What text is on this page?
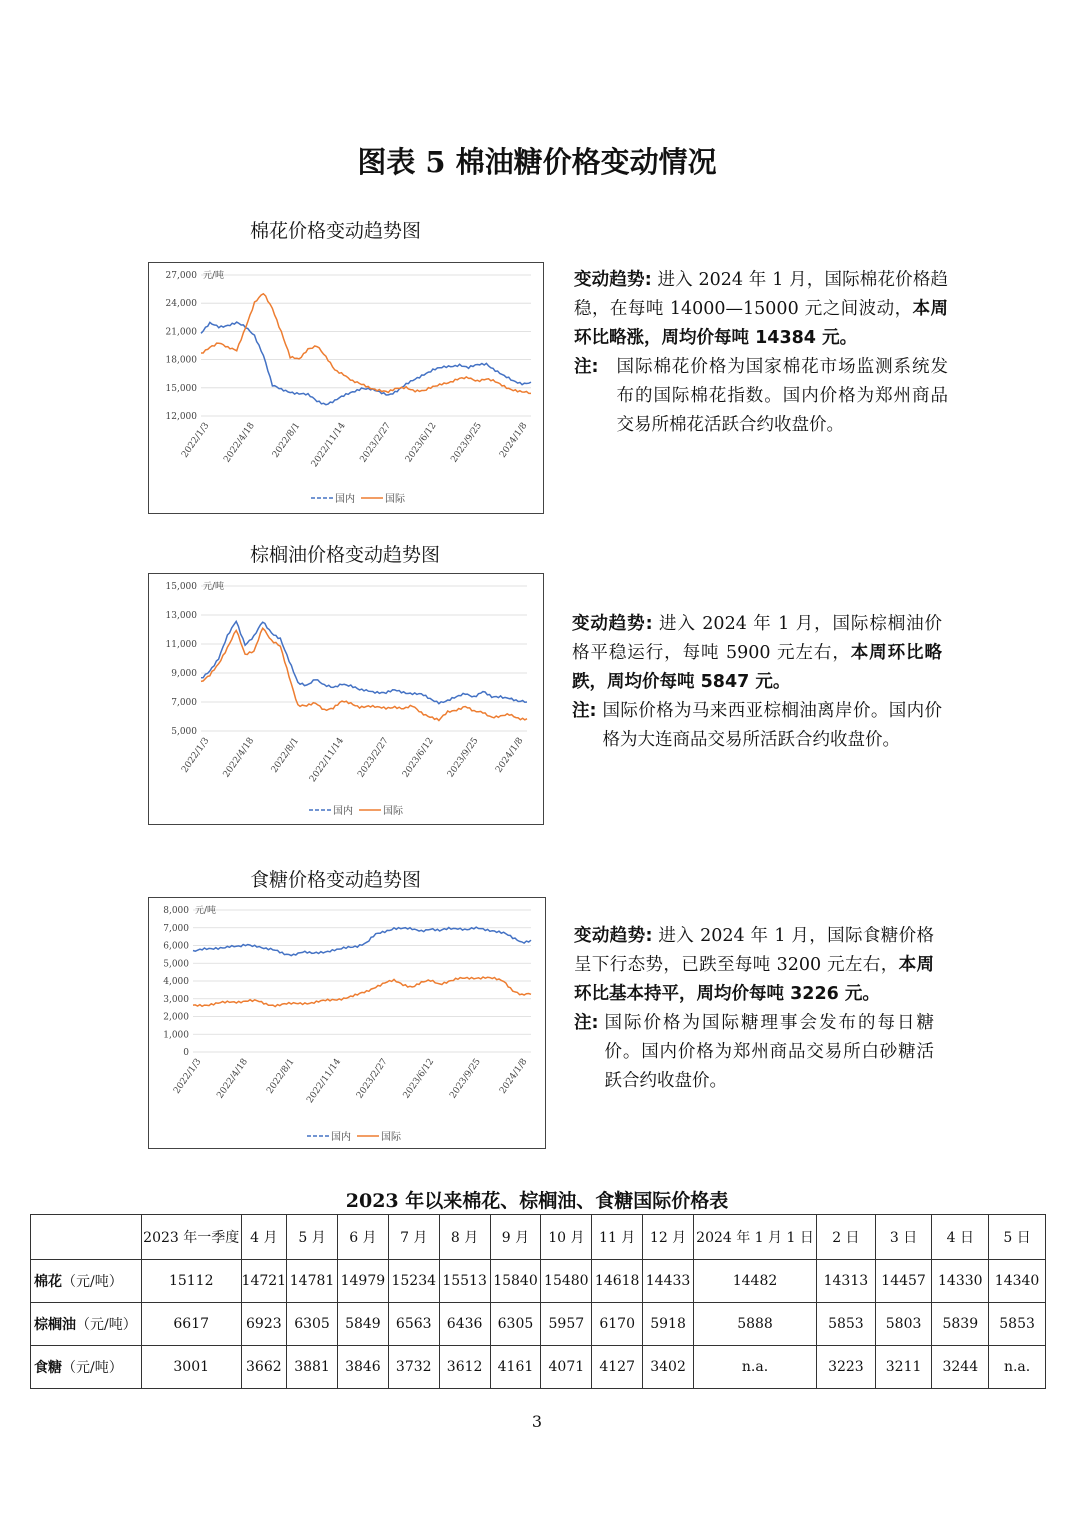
图表 5 棉油糖价格变动情况
棉花价格变动趋势图
27,000
24,000
21,000
18,000
15,000
12,000
元/吨
2022/1/3 2022/4/18 2022/8/1 2022/11/14 2023/2/27 2023/6/12 2023/9/25 2024/1/8
国内	国际
变动趋势: 进入 2024 年 1 月，国际棉花价格趋稳，在每吨 14000—15000 元之间波动，本周环比略涨，周均价每吨 14384 元。
注:	国际棉花价格为国家棉花市场监测系统发布的国际棉花指数。国内价格为郑州商品交易所棉花活跃合约收盘价。
棕榈油价格变动趋势图
15,000
13,000
11,000
9,000
7,000
5,000
元/吨
2022/1/3 2022/4/18 2022/8/1 2022/11/14 2023/2/27 2023/6/12 2023/9/25 2024/1/8
国内	国际
变动趋势: 进入 2024 年 1 月，国际棕榈油价格平稳运行，每吨 5900 元左右，本周环比略跌，周均价每吨 5847 元。
注: 国际价格为马来西亚棕榈油离岸价。国内价格为大连商品交易所活跃合约收盘价。
食糖价格变动趋势图
8,000
7,000
6,000
5,000
4,000
3,000
2,000
1,000
0
元/吨
2022/1/3 2022/4/18 2022/8/1 2022/11/14 2023/2/27 2023/6/12 2023/9/25 2024/1/8
国内	国际
变动趋势: 进入 2024 年 1 月，国际食糖价格呈下行态势，已跌至每吨 3200 元左右，本周环比基本持平，周均价每吨 3226 元。
注: 国际价格为国际糖理事会发布的每日糖价。国内价格为郑州商品交易所白砂糖活跃合约收盘价。
2023 年以来棉花、棕榈油、食糖国际价格表
	2023 年一季度	4 月	5 月	6 月	7 月	8 月	9 月	10 月	11 月	12 月	2024 年 1 月 1 日	2 日	3 日	4 日	5 日
棉花（元/吨）	15112	14721	14781	14979	15234	15513	15840	15480	14618	14433	14482	14313	14457	14330	14340
棕榈油（元/吨）	6617	6923	6305	5849	6563	6436	6305	5957	6170	5918	5888	5853	5803	5839	5853
食糖（元/吨）	3001	3662	3881	3846	3732	3612	4161	4071	4127	3402	n.a.	3223	3211	3244	n.a.
3
